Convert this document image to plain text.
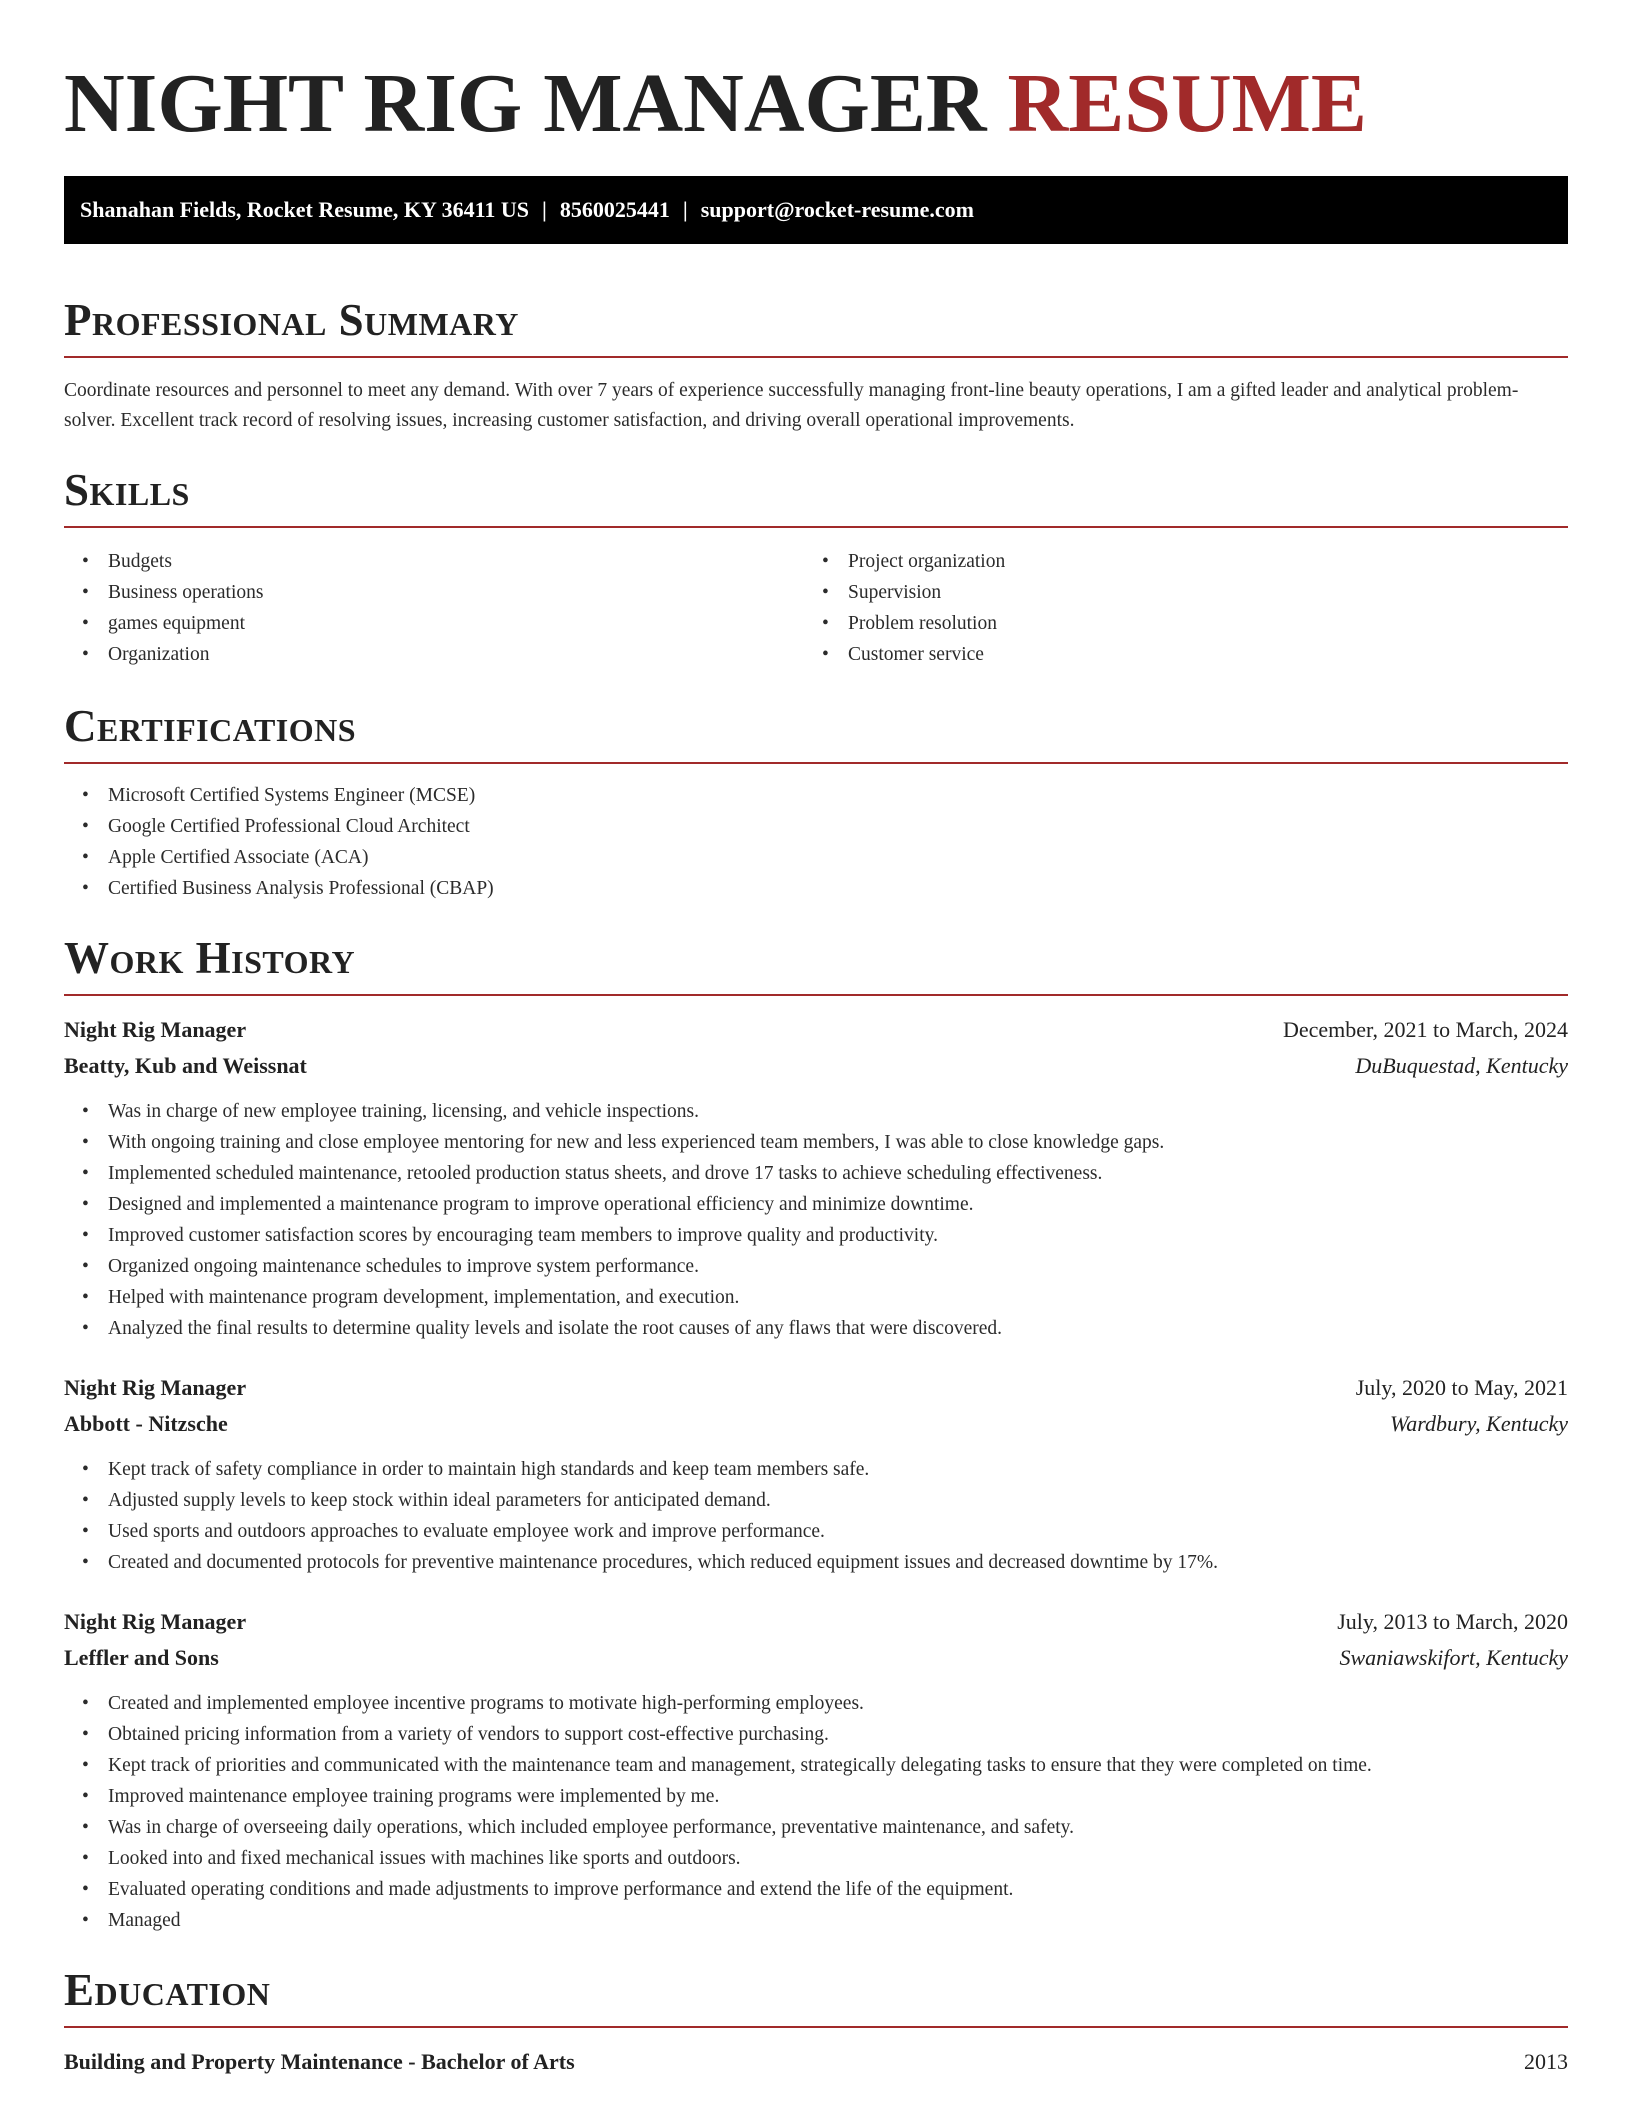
NIGHT RIG MANAGER RESUME
Shanahan Fields, Rocket Resume, KY 36411 US | 8560025441 | support@rocket-resume.com
Professional Summary

Coordinate resources and personnel to meet any demand. With over 7 years of experience successfully managing front-line beauty operations, I am a gifted leader and analytical problem-solver. Excellent track record of resolving issues, increasing customer satisfaction, and driving overall operational improvements.

Skills
• Budgets
• Business operations
• games equipment
• Organization
• Project organization
• Supervision
• Problem resolution
• Customer service
Certifications
• Microsoft Certified Systems Engineer (MCSE)
• Google Certified Professional Cloud Architect
• Apple Certified Associate (ACA)
• Certified Business Analysis Professional (CBAP)
Work History
Night Rig Manager	December, 2021 to March, 2024
Beatty, Kub and Weissnat	DuBuquestad, Kentucky
• Was in charge of new employee training, licensing, and vehicle inspections.
• With ongoing training and close employee mentoring for new and less experienced team members, I was able to close knowledge gaps.
• Implemented scheduled maintenance, retooled production status sheets, and drove 17 tasks to achieve scheduling effectiveness.
• Designed and implemented a maintenance program to improve operational efficiency and minimize downtime.
• Improved customer satisfaction scores by encouraging team members to improve quality and productivity.
• Organized ongoing maintenance schedules to improve system performance.
• Helped with maintenance program development, implementation, and execution.
• Analyzed the final results to determine quality levels and isolate the root causes of any flaws that were discovered.
Night Rig Manager	July, 2020 to May, 2021
Abbott - Nitzsche	Wardbury, Kentucky
• Kept track of safety compliance in order to maintain high standards and keep team members safe.
• Adjusted supply levels to keep stock within ideal parameters for anticipated demand.
• Used sports and outdoors approaches to evaluate employee work and improve performance.
• Created and documented protocols for preventive maintenance procedures, which reduced equipment issues and decreased downtime by 17%.
Night Rig Manager	July, 2013 to March, 2020
Leffler and Sons	Swaniawskifort, Kentucky
• Created and implemented employee incentive programs to motivate high-performing employees.
• Obtained pricing information from a variety of vendors to support cost-effective purchasing.
• Kept track of priorities and communicated with the maintenance team and management, strategically delegating tasks to ensure that they were completed on time.
• Improved maintenance employee training programs were implemented by me.
• Was in charge of overseeing daily operations, which included employee performance, preventative maintenance, and safety.
• Looked into and fixed mechanical issues with machines like sports and outdoors.
• Evaluated operating conditions and made adjustments to improve performance and extend the life of the equipment.
• Managed
Education
Building and Property Maintenance - Bachelor of Arts	2013
